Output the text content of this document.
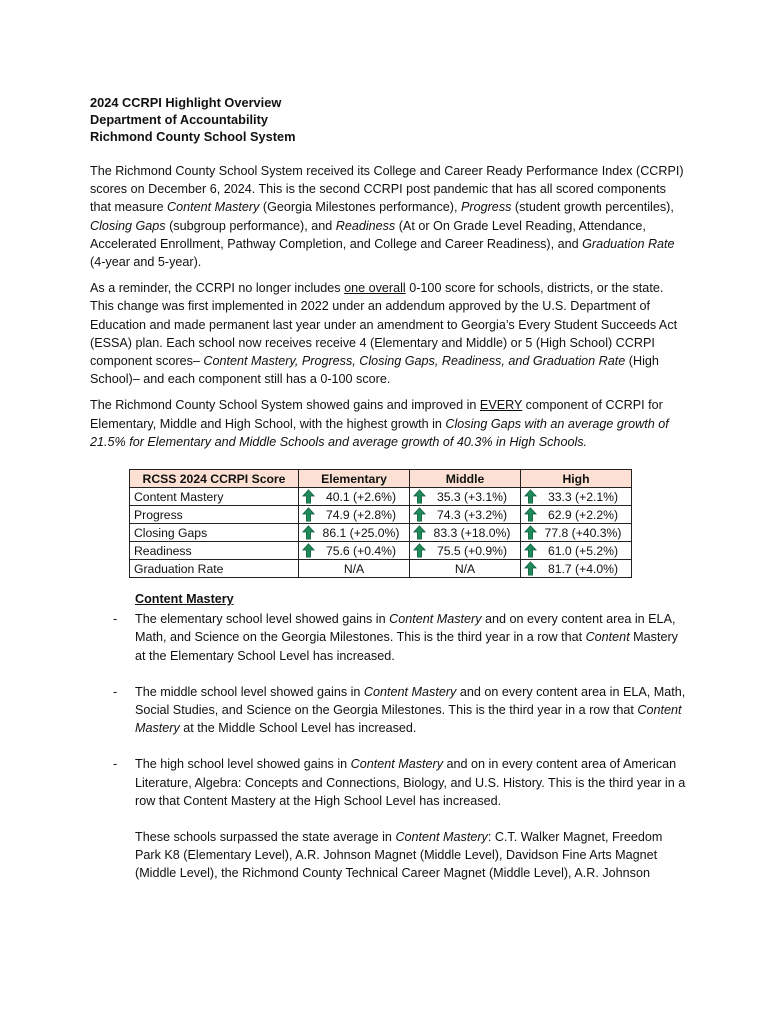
2024 CCRPI Highlight Overview
Department of Accountability
Richmond County School System

The Richmond County School System received its College and Career Ready Performance Index (CCRPI) scores on December 6, 2024. This is the second CCRPI post pandemic that has all scored components that measure Content Mastery (Georgia Milestones performance), Progress (student growth percentiles), Closing Gaps (subgroup performance), and Readiness (At or On Grade Level Reading, Attendance, Accelerated Enrollment, Pathway Completion, and College and Career Readiness), and Graduation Rate (4-year and 5-year).

As a reminder, the CCRPI no longer includes one overall 0-100 score for schools, districts, or the state. This change was first implemented in 2022 under an addendum approved by the U.S. Department of Education and made permanent last year under an amendment to Georgia’s Every Student Succeeds Act (ESSA) plan. Each school now receives receive 4 (Elementary and Middle) or 5 (High School) CCRPI component scores– Content Mastery, Progress, Closing Gaps, Readiness, and Graduation Rate (High School)– and each component still has a 0-100 score.

The Richmond County School System showed gains and improved in EVERY component of CCRPI for Elementary, Middle and High School, with the highest growth in Closing Gaps with an average growth of 21.5% for Elementary and Middle Schools and average growth of 40.3% in High Schools.

RCSS 2024 CCRPI Score	Elementary	Middle	High
Content Mastery	40.1 (+2.6%)	35.3 (+3.1%)	33.3 (+2.1%)
Progress	74.9 (+2.8%)	74.3 (+3.2%)	62.9 (+2.2%)
Closing Gaps	86.1 (+25.0%)	83.3 (+18.0%)	77.8 (+40.3%)
Readiness	75.6 (+0.4%)	75.5 (+0.9%)	61.0 (+5.2%)
Graduation Rate	N/A	N/A	81.7 (+4.0%)
Content Mastery
- The elementary school level showed gains in Content Mastery and on every content area in ELA, Math, and Science on the Georgia Milestones. This is the third year in a row that Content Mastery at the Elementary School Level has increased.
- The middle school level showed gains in Content Mastery and on every content area in ELA, Math, Social Studies, and Science on the Georgia Milestones. This is the third year in a row that Content Mastery at the Middle School Level has increased.
- The high school level showed gains in Content Mastery and on in every content area of American Literature, Algebra: Concepts and Connections, Biology, and U.S. History. This is the third year in a row that Content Mastery at the High School Level has increased.

These schools surpassed the state average in Content Mastery: C.T. Walker Magnet, Freedom Park K8 (Elementary Level), A.R. Johnson Magnet (Middle Level), Davidson Fine Arts Magnet (Middle Level), the Richmond County Technical Career Magnet (Middle Level), A.R. Johnson
